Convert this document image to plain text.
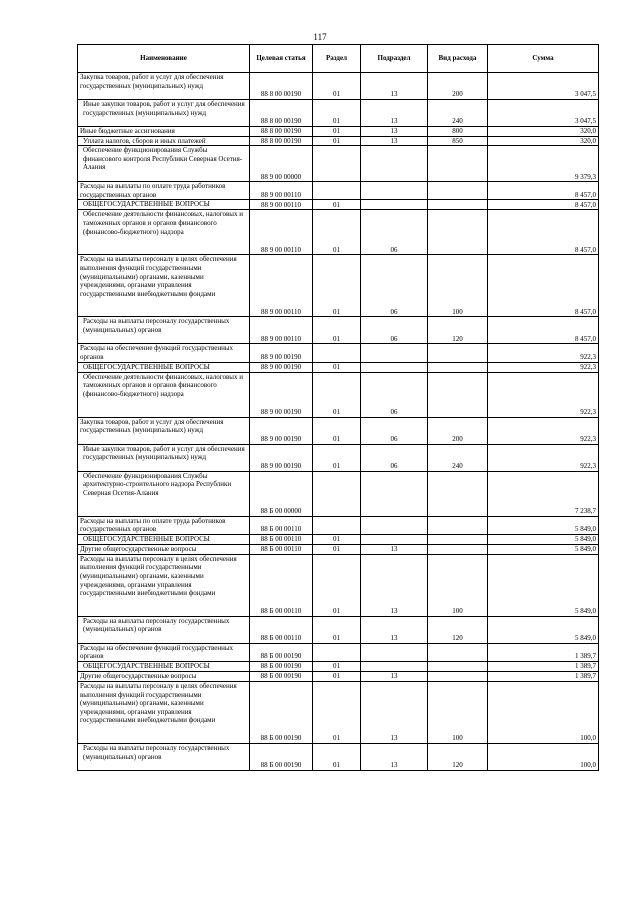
117
Наименование	Целевая статья	Раздел	Подраздел	Вид расхода	Сумма
Закупка товаров, работ и услуг для обеспечения государственных (муниципальных) нужд	88 8 00 00190	01	13	200	3 047,5
Иные закупки товаров, работ и услуг для обеспечения государственных (муниципальных) нужд	88 8 00 00190	01	13	240	3 047,5
Иные бюджетные ассигнования	88 8 00 00190	01	13	800	320,0
Уплата налогов, сборов и иных платежей	88 8 00 00190	01	13	850	320,0
Обеспечение функционирования Службы финансового контроля Республики Северная Осетия-Алания	88 9 00 00000				9 379,3
Расходы на выплаты по оплате труда работников государственных органов	88 9 00 00110				8 457,0
ОБЩЕГОСУДАРСТВЕННЫЕ ВОПРОСЫ	88 9 00 00110	01			8 457,0
Обеспечение деятельности финансовых, налоговых и таможенных органов и органов финансового (финансово-бюджетного) надзора	88 9 00 00110	01	06		8 457,0
Расходы на выплаты персоналу в целях обеспечения выполнения функций государственными (муниципальными) органами, казенными учреждениями, органами управления государственными внебюджетными фондами	88 9 00 00110	01	06	100	8 457,0
Расходы на выплаты персоналу государственных (муниципальных) органов	88 9 00 00110	01	06	120	8 457,0
Расходы на обеспечение функций государственных органов	88 9 00 00190				922,3
ОБЩЕГОСУДАРСТВЕННЫЕ ВОПРОСЫ	88 9 00 00190	01			922,3
Обеспечение деятельности финансовых, налоговых и таможенных органов и органов финансового (финансово-бюджетного) надзора	88 9 00 00190	01	06		922,3
Закупка товаров, работ и услуг для обеспечения государственных (муниципальных) нужд	88 9 00 00190	01	06	200	922,3
Иные закупки товаров, работ и услуг для обеспечения государственных (муниципальных) нужд	88 9 00 00190	01	06	240	922,3
Обеспечение функционирования Службы архитектурно-строительного надзора Республики Северная Осетия-Алания	88 Б 00 00000				7 238,7
Расходы на выплаты по оплате труда работников государственных органов	88 Б 00 00110				5 849,0
ОБЩЕГОСУДАРСТВЕННЫЕ ВОПРОСЫ	88 Б 00 00110	01			5 849,0
Другие общегосударственные вопросы	88 Б 00 00110	01	13		5 849,0
Расходы на выплаты персоналу в целях обеспечения выполнения функций государственными (муниципальными) органами, казенными учреждениями, органами управления государственными внебюджетными фондами	88 Б 00 00110	01	13	100	5 849,0
Расходы на выплаты персоналу государственных (муниципальных) органов	88 Б 00 00110	01	13	120	5 849,0
Расходы на обеспечение функций государственных органов	88 Б 00 00190				1 389,7
ОБЩЕГОСУДАРСТВЕННЫЕ ВОПРОСЫ	88 Б 00 00190	01			1 389,7
Другие общегосударственные вопросы	88 Б 00 00190	01	13		1 389,7
Расходы на выплаты персоналу в целях обеспечения выполнения функций государственными (муниципальными) органами, казенными учреждениями, органами управления государственными внебюджетными фондами	88 Б 00 00190	01	13	100	100,0
Расходы на выплаты персоналу государственных (муниципальных) органов	88 Б 00 00190	01	13	120	100,0
